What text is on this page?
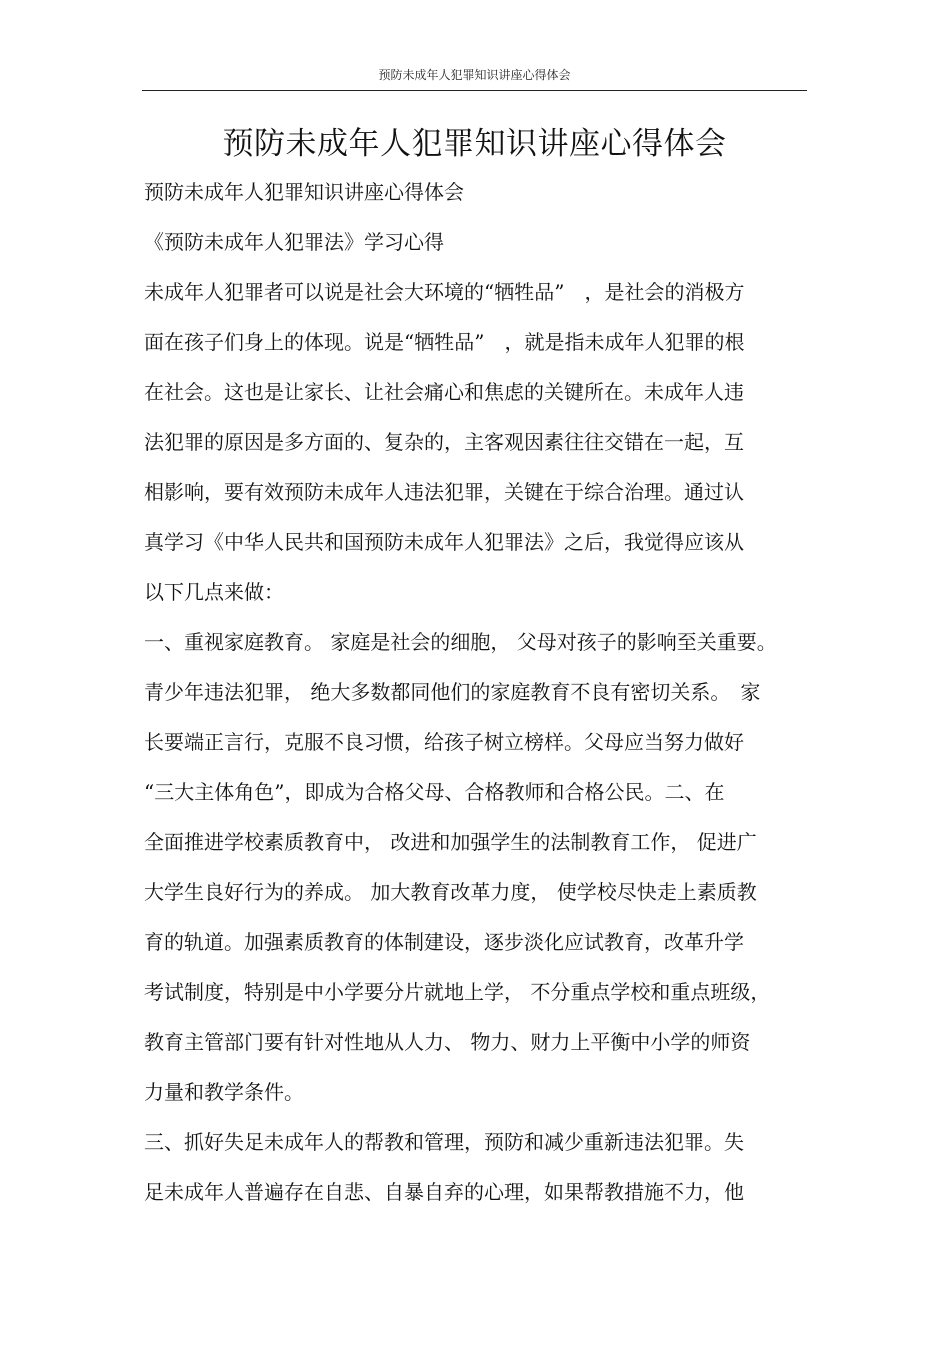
预防未成年人犯罪知识讲座心得体会
预防未成年人犯罪知识讲座心得体会

预防未成年人犯罪知识讲座心得体会

《预防未成年人犯罪法》学习心得

未成年人犯罪者可以说是社会大环境的“牺牲品”　，是社会的消极方

面在孩子们身上的体现。说是“牺牲品”　，就是指未成年人犯罪的根

在社会。这也是让家长、让社会痛心和焦虑的关键所在。未成年人违

法犯罪的原因是多方面的、复杂的，主客观因素往往交错在一起，互

相影响，要有效预防未成年人违法犯罪，关键在于综合治理。通过认

真学习《中华人民共和国预防未成年人犯罪法》之后，我觉得应该从

以下几点来做：

一、重视家庭教育。 家庭是社会的细胞， 父母对孩子的影响至关重要。

青少年违法犯罪， 绝大多数都同他们的家庭教育不良有密切关系。　家

长要端正言行，克服不良习惯，给孩子树立榜样。父母应当努力做好

“三大主体角色”，即成为合格父母、合格教师和合格公民。二、在

全面推进学校素质教育中， 改进和加强学生的法制教育工作， 促进广

大学生良好行为的养成。 加大教育改革力度， 使学校尽快走上素质教

育的轨道。加强素质教育的体制建设，逐步淡化应试教育，改革升学

考试制度，特别是中小学要分片就地上学， 不分重点学校和重点班级，

教育主管部门要有针对性地从人力、 物力、财力上平衡中小学的师资

力量和教学条件。

三、抓好失足未成年人的帮教和管理，预防和减少重新违法犯罪。失

足未成年人普遍存在自悲、自暴自弃的心理，如果帮教措施不力，他
